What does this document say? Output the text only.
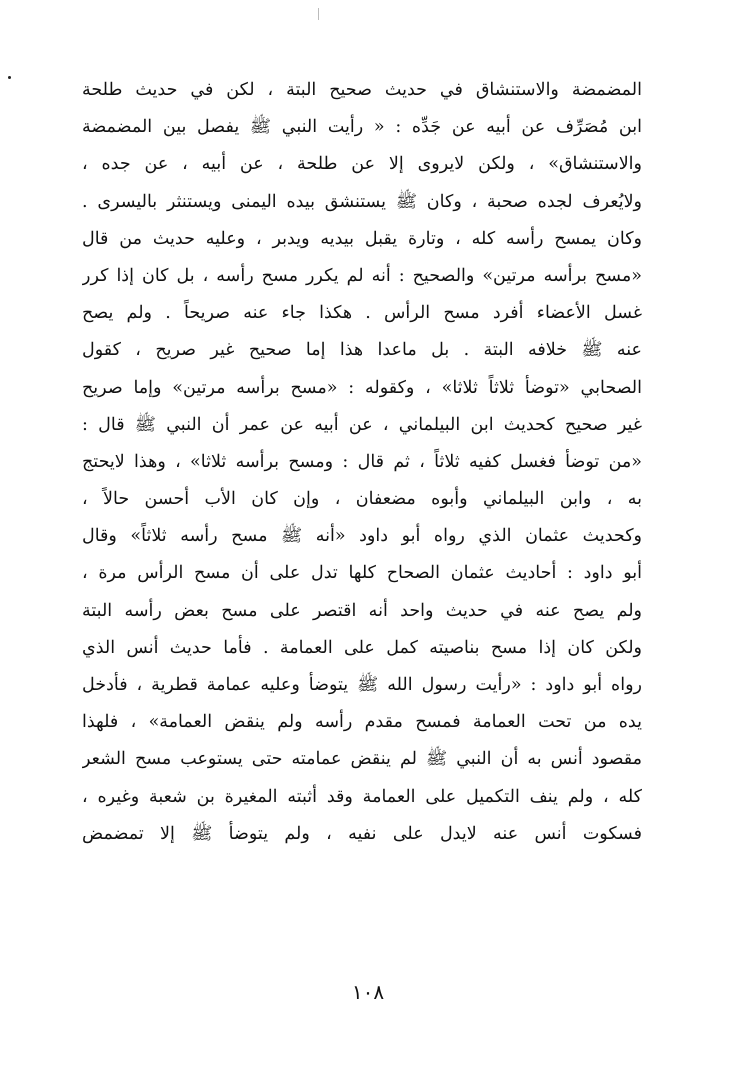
المضمضة والاستنشاق في حديث صحيح البتة ، لكن في حديث طلحة
ابن مُصَرِّف عن أبيه عن جَدِّه : « رأيت النبي ﷺ يفصل بين المضمضة
والاستنشاق» ، ولكن لايروى إلا عن طلحة ، عن أبيه ، عن جده ،
ولايُعرف لجده صحبة ، وكان ﷺ يستنشق بيده اليمنى ويستنثر باليسرى .
وكان يمسح رأسه كله ، وتارة يقبل بيديه ويدبر ، وعليه حديث من قال
«مسح برأسه مرتين» والصحيح : أنه لم يكرر مسح رأسه ، بل كان إذا كرر
غسل الأعضاء أفرد مسح الرأس . هكذا جاء عنه صريحاً . ولم يصح
عنه ﷺ خلافه البتة . بل ماعدا هذا إما صحيح غير صريح ، كقول
الصحابي «توضأ ثلاثاً ثلاثا» ، وكقوله : «مسح برأسه مرتين» وإما صريح
غير صحيح كحديث ابن البيلماني ، عن أبيه عن عمر أن النبي ﷺ قال :
«من توضأ فغسل كفيه ثلاثاً ، ثم قال : ومسح برأسه ثلاثا» ، وهذا لايحتج
به ، وابن البيلماني وأبوه مضعفان ، وإن كان الأب أحسن حالاً ،
وكحديث عثمان الذي رواه أبو داود «أنه ﷺ مسح رأسه ثلاثاً» وقال
أبو داود : أحاديث عثمان الصحاح كلها تدل على أن مسح الرأس مرة ،
ولم يصح عنه في حديث واحد أنه اقتصر على مسح بعض رأسه البتة
ولكن كان إذا مسح بناصيته كمل على العمامة . فأما حديث أنس الذي
رواه أبو داود : «رأيت رسول الله ﷺ يتوضأ وعليه عمامة قطرية ، فأدخل
يده من تحت العمامة فمسح مقدم رأسه ولم ينقض العمامة» ، فلهذا
مقصود أنس به أن النبي ﷺ لم ينقض عمامته حتى يستوعب مسح الشعر
كله ، ولم ينف التكميل على العمامة وقد أثبته المغيرة بن شعبة وغيره ،
فسكوت أنس عنه لايدل على نفيه ، ولم يتوضأ ﷺ إلا تمضمض
١٠٨
